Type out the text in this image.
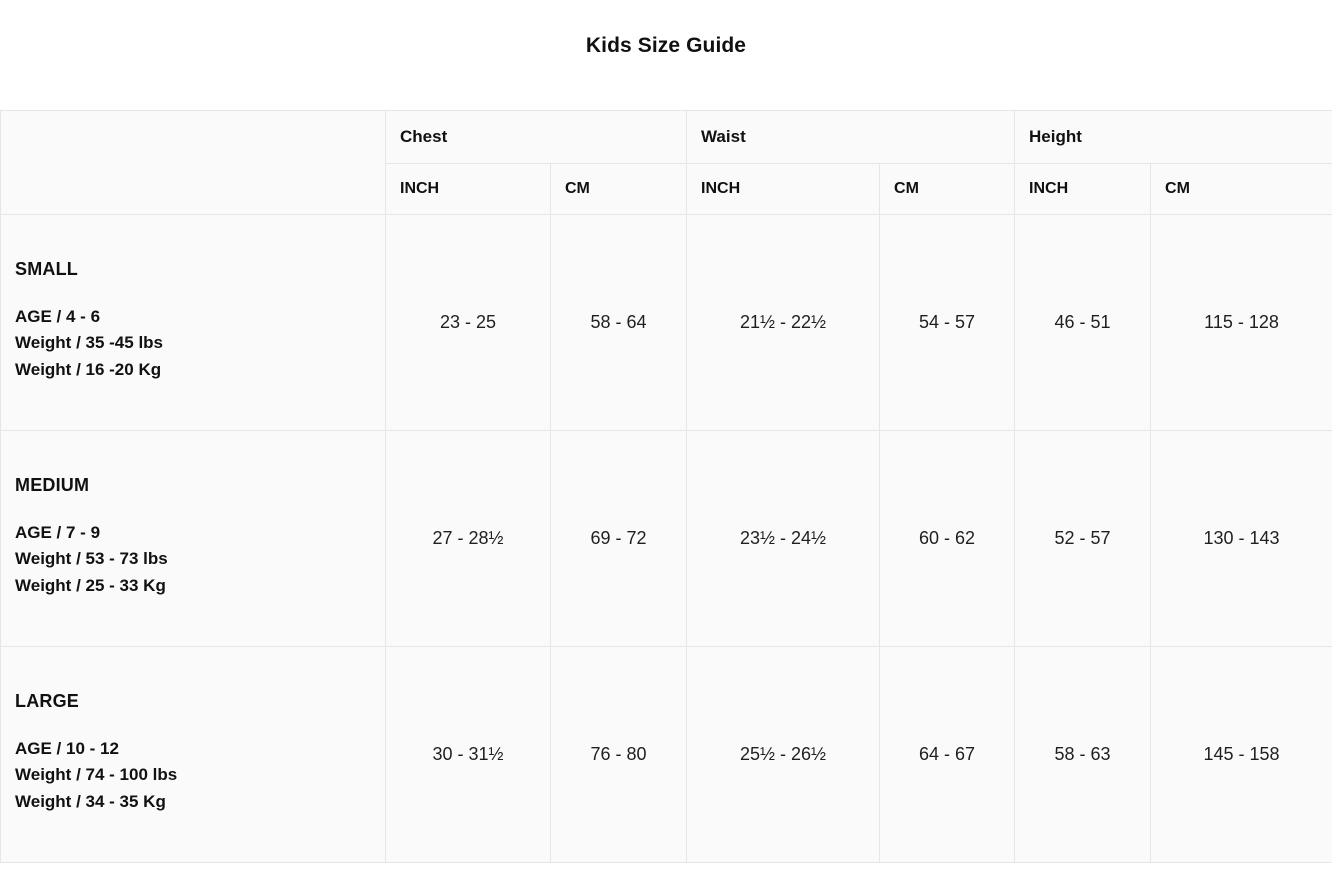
Kids Size Guide
	Chest		Waist		Height	
	INCH	CM	INCH	CM	INCH	CM

SMALL
AGE / 4 - 6
Weight / 35 -45 lbs
Weight / 16 -20 Kg	23 - 25	58 - 64	21½ - 22½	54 - 57	46 - 51	115 - 128

MEDIUM
AGE / 7 - 9
Weight / 53 - 73 lbs
Weight / 25 - 33 Kg	27 - 28½	69 - 72	23½ - 24½	60 - 62	52 - 57	130 - 143

LARGE
AGE / 10 - 12
Weight / 74 - 100 lbs
Weight / 34 - 35 Kg	30 - 31½	76 - 80	25½ - 26½	64 - 67	58 - 63	145 - 158
